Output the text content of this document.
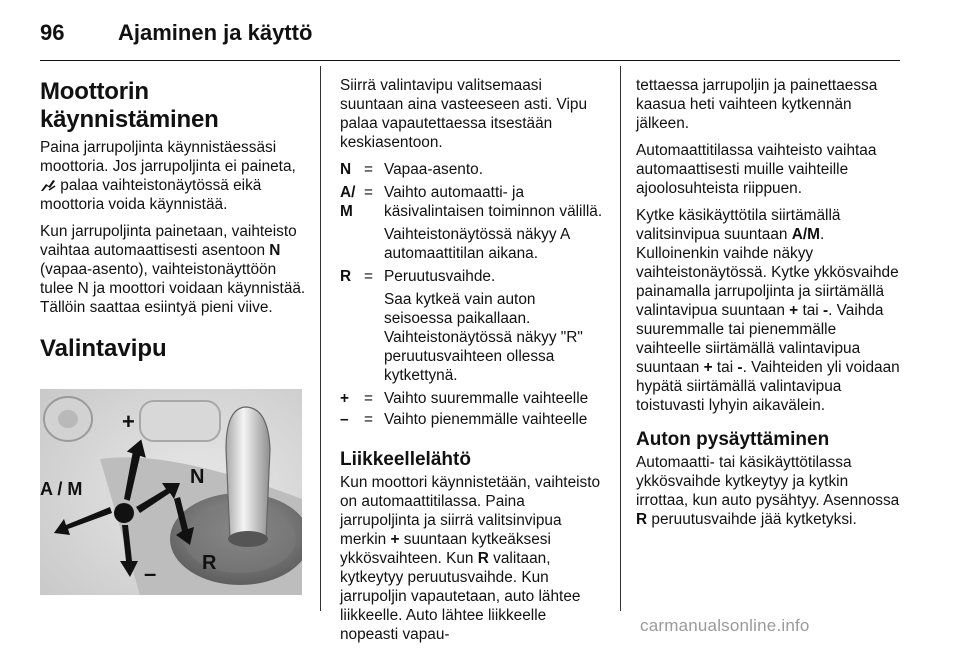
96 Ajaminen ja käyttö
Moottorin käynnistäminen

Paina jarrupoljinta käynnistäessäsi moottoria. Jos jarrupoljinta ei paineta,  palaa vaihteistonäytössä eikä moottoria voida käynnistää.

Kun jarrupoljinta painetaan, vaihteisto vaihtaa automaattisesti asentoon N (vapaa-asento), vaihteistonäyttöön tulee N ja moottori voidaan käynnistää. Tällöin saattaa esiintyä pieni viive.

Valintavipu
+
A / M
–
N
R

Siirrä valintavipu valitsemaasi suuntaan aina vasteeseen asti. Vipu palaa vapautettaessa itsestään keskiasentoon.

N = Vapaa-asento.
A/
M
= Vaihto automaatti- ja käsivalintaisen toiminnon välillä.
Vaihteistonäytössä näkyy A automaattitilan aikana.
R = Peruutusvaihde.
Saa kytkeä vain auton seisoessa paikallaan. Vaihteistonäytössä näkyy "R" peruutusvaihteen ollessa kytkettynä.
+ = Vaihto suuremmalle vaihteelle
–	= Vaihto pienemmälle vaihteelle
Liikkeellelähtö

Kun moottori käynnistetään, vaihteisto on automaattitilassa. Paina jarrupoljinta ja siirrä valitsinvipua merkin + suuntaan kytkeäksesi ykkösvaihteen. Kun R valitaan, kytkeytyy peruutusvaihde. Kun jarrupoljin vapautetaan, auto lähtee liikkeelle. Auto lähtee liikkeelle nopeasti vapau-

tettaessa jarrupoljin ja painettaessa kaasua heti vaihteen kytkennän jälkeen.

Automaattitilassa vaihteisto vaihtaa automaattisesti muille vaihteille ajoolosuhteista riippuen.

Kytke käsikäyttötila siirtämällä valitsinvipua suuntaan A/M. Kulloinenkin vaihde näkyy vaihteistonäytössä. Kytke ykkösvaihde painamalla jarrupoljinta ja siirtämällä valintavipua suuntaan + tai -. Vaihda suuremmalle tai pienemmälle vaihteelle siirtämällä valintavipua suuntaan + tai -. Vaihteiden yli voidaan hypätä siirtämällä valintavipua toistuvasti lyhyin aikavälein.

Auton pysäyttäminen

Automaatti- tai käsikäyttötilassa ykkösvaihde kytkeytyy ja kytkin irrottaa, kun auto pysähtyy. Asennossa R peruutusvaihde jää kytketyksi.

carmanualsonline.info
